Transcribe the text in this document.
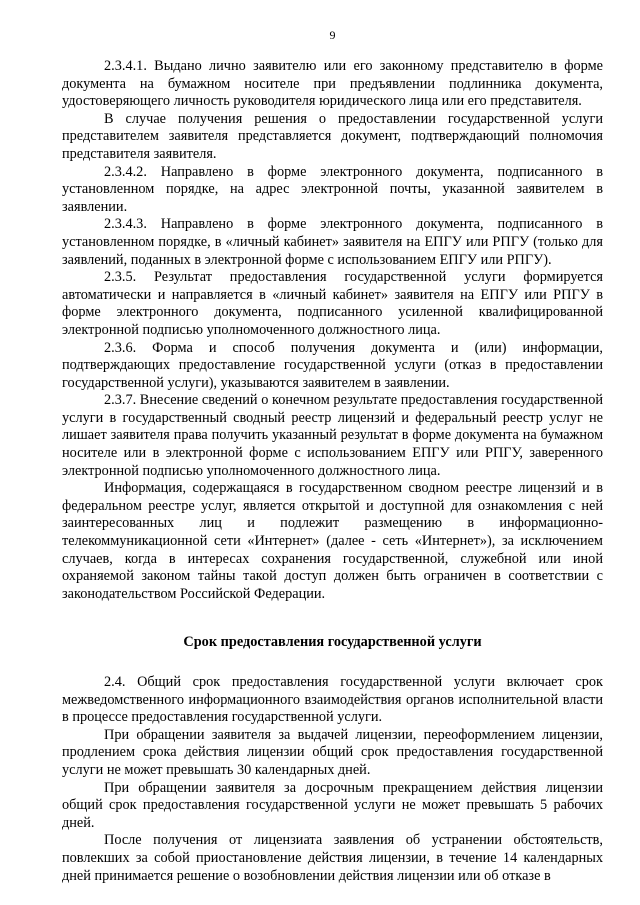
9

2.3.4.1. Выдано лично заявителю или его законному представителю в форме документа на бумажном носителе при предъявлении подлинника документа, удостоверяющего личность руководителя юридического лица или его представителя.

В случае получения решения о предоставлении государственной услуги представителем заявителя представляется документ, подтверждающий полномочия представителя заявителя.

2.3.4.2. Направлено в форме электронного документа, подписанного в установленном порядке, на адрес электронной почты, указанной заявителем в заявлении.

2.3.4.3. Направлено в форме электронного документа, подписанного в установленном порядке, в «личный кабинет» заявителя на ЕПГУ или РПГУ (только для заявлений, поданных в электронной форме с использованием ЕПГУ или РПГУ).

2.3.5. Результат предоставления государственной услуги формируется автоматически и направляется в «личный кабинет» заявителя на ЕПГУ или РПГУ в форме электронного документа, подписанного усиленной квалифицированной электронной подписью уполномоченного должностного лица.

2.3.6. Форма и способ получения документа и (или) информации, подтверждающих предоставление государственной услуги (отказ в предоставлении государственной услуги), указываются заявителем в заявлении.

2.3.7. Внесение сведений о конечном результате предоставления государственной услуги в государственный сводный реестр лицензий и федеральный реестр услуг не лишает заявителя права получить указанный результат в форме документа на бумажном носителе или в электронной форме с использованием ЕПГУ или РПГУ, заверенного электронной подписью уполномоченного должностного лица.

Информация, содержащаяся в государственном сводном реестре лицензий и в федеральном реестре услуг, является открытой и доступной для ознакомления с ней заинтересованных лиц и подлежит размещению в информационно-телекоммуникационной сети «Интернет» (далее - сеть «Интернет»), за исключением случаев, когда в интересах сохранения государственной, служебной или иной охраняемой законом тайны такой доступ должен быть ограничен в соответствии с законодательством Российской Федерации.

Срок предоставления государственной услуги

2.4. Общий срок предоставления государственной услуги включает срок межведомственного информационного взаимодействия органов исполнительной власти в процессе предоставления государственной услуги.

При обращении заявителя за выдачей лицензии, переоформлением лицензии, продлением срока действия лицензии общий срок предоставления государственной услуги не может превышать 30 календарных дней.

При обращении заявителя за досрочным прекращением действия лицензии общий срок предоставления государственной услуги не может превышать 5 рабочих дней.

После получения от лицензиата заявления об устранении обстоятельств, повлекших за собой приостановление действия лицензии, в течение 14 календарных дней принимается решение о возобновлении действия лицензии или об отказе в
